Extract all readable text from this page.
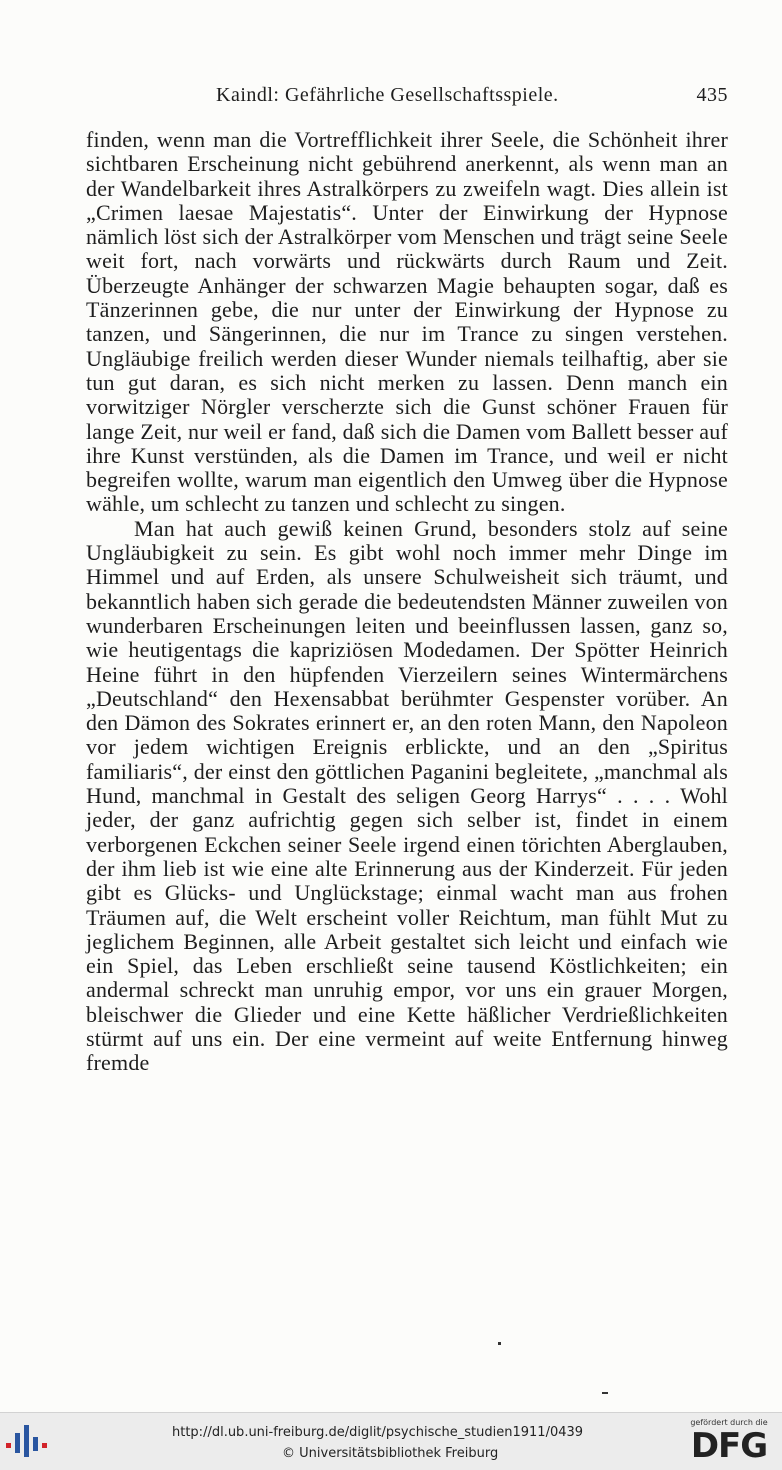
Kaindl: Gefährliche Gesellschaftsspiele.	435

finden, wenn man die Vortrefflichkeit ihrer Seele, die Schönheit ihrer sichtbaren Erscheinung nicht gebührend anerkennt, als wenn man an der Wandelbarkeit ihres Astralkörpers zu zweifeln wagt. Dies allein ist „Crimen laesae Majestatis“. Unter der Einwirkung der Hypnose nämlich löst sich der Astralkörper vom Menschen und trägt seine Seele weit fort, nach vorwärts und rückwärts durch Raum und Zeit. Überzeugte Anhänger der schwarzen Magie behaupten sogar, daß es Tänzerinnen gebe, die nur unter der Einwirkung der Hypnose zu tanzen, und Sängerinnen, die nur im Trance zu singen verstehen. Ungläubige freilich werden dieser Wunder niemals teilhaftig, aber sie tun gut daran, es sich nicht merken zu lassen. Denn manch ein vorwitziger Nörgler verscherzte sich die Gunst schöner Frauen für lange Zeit, nur weil er fand, daß sich die Damen vom Ballett besser auf ihre Kunst verstünden, als die Damen im Trance, und weil er nicht begreifen wollte, warum man eigentlich den Umweg über die Hypnose wähle, um schlecht zu tanzen und schlecht zu singen.

Man hat auch gewiß keinen Grund, besonders stolz auf seine Ungläubigkeit zu sein. Es gibt wohl noch immer mehr Dinge im Himmel und auf Erden, als unsere Schulweisheit sich träumt, und bekanntlich haben sich gerade die bedeutendsten Männer zuweilen von wunderbaren Erscheinungen leiten und beeinflussen lassen, ganz so, wie heutigentags die kapriziösen Modedamen. Der Spötter Heinrich Heine führt in den hüpfenden Vierzeilern seines Wintermärchens „Deutschland“ den Hexensabbat berühmter Gespenster vorüber. An den Dämon des Sokrates erinnert er, an den roten Mann, den Napoleon vor jedem wichtigen Ereignis erblickte, und an den „Spiritus familiaris“, der einst den göttlichen Paganini begleitete, „manchmal als Hund, manchmal in Gestalt des seligen Georg Harrys“ . . . . Wohl jeder, der ganz aufrichtig gegen sich selber ist, findet in einem verborgenen Eckchen seiner Seele irgend einen törichten Aberglauben, der ihm lieb ist wie eine alte Erinnerung aus der Kinderzeit. Für jeden gibt es Glücks- und Unglückstage; einmal wacht man aus frohen Träumen auf, die Welt erscheint voller Reichtum, man fühlt Mut zu jeglichem Beginnen, alle Arbeit gestaltet sich leicht und einfach wie ein Spiel, das Leben erschließt seine tausend Köstlichkeiten; ein andermal schreckt man unruhig empor, vor uns ein grauer Morgen, bleischwer die Glieder und eine Kette häßlicher Verdrießlichkeiten stürmt auf uns ein. Der eine vermeint auf weite Entfernung hinweg fremde

http://dl.ub.uni-freiburg.de/diglit/psychische_studien1911/0439
© Universitätsbibliothek Freiburg
gefördert durch die
DFG
